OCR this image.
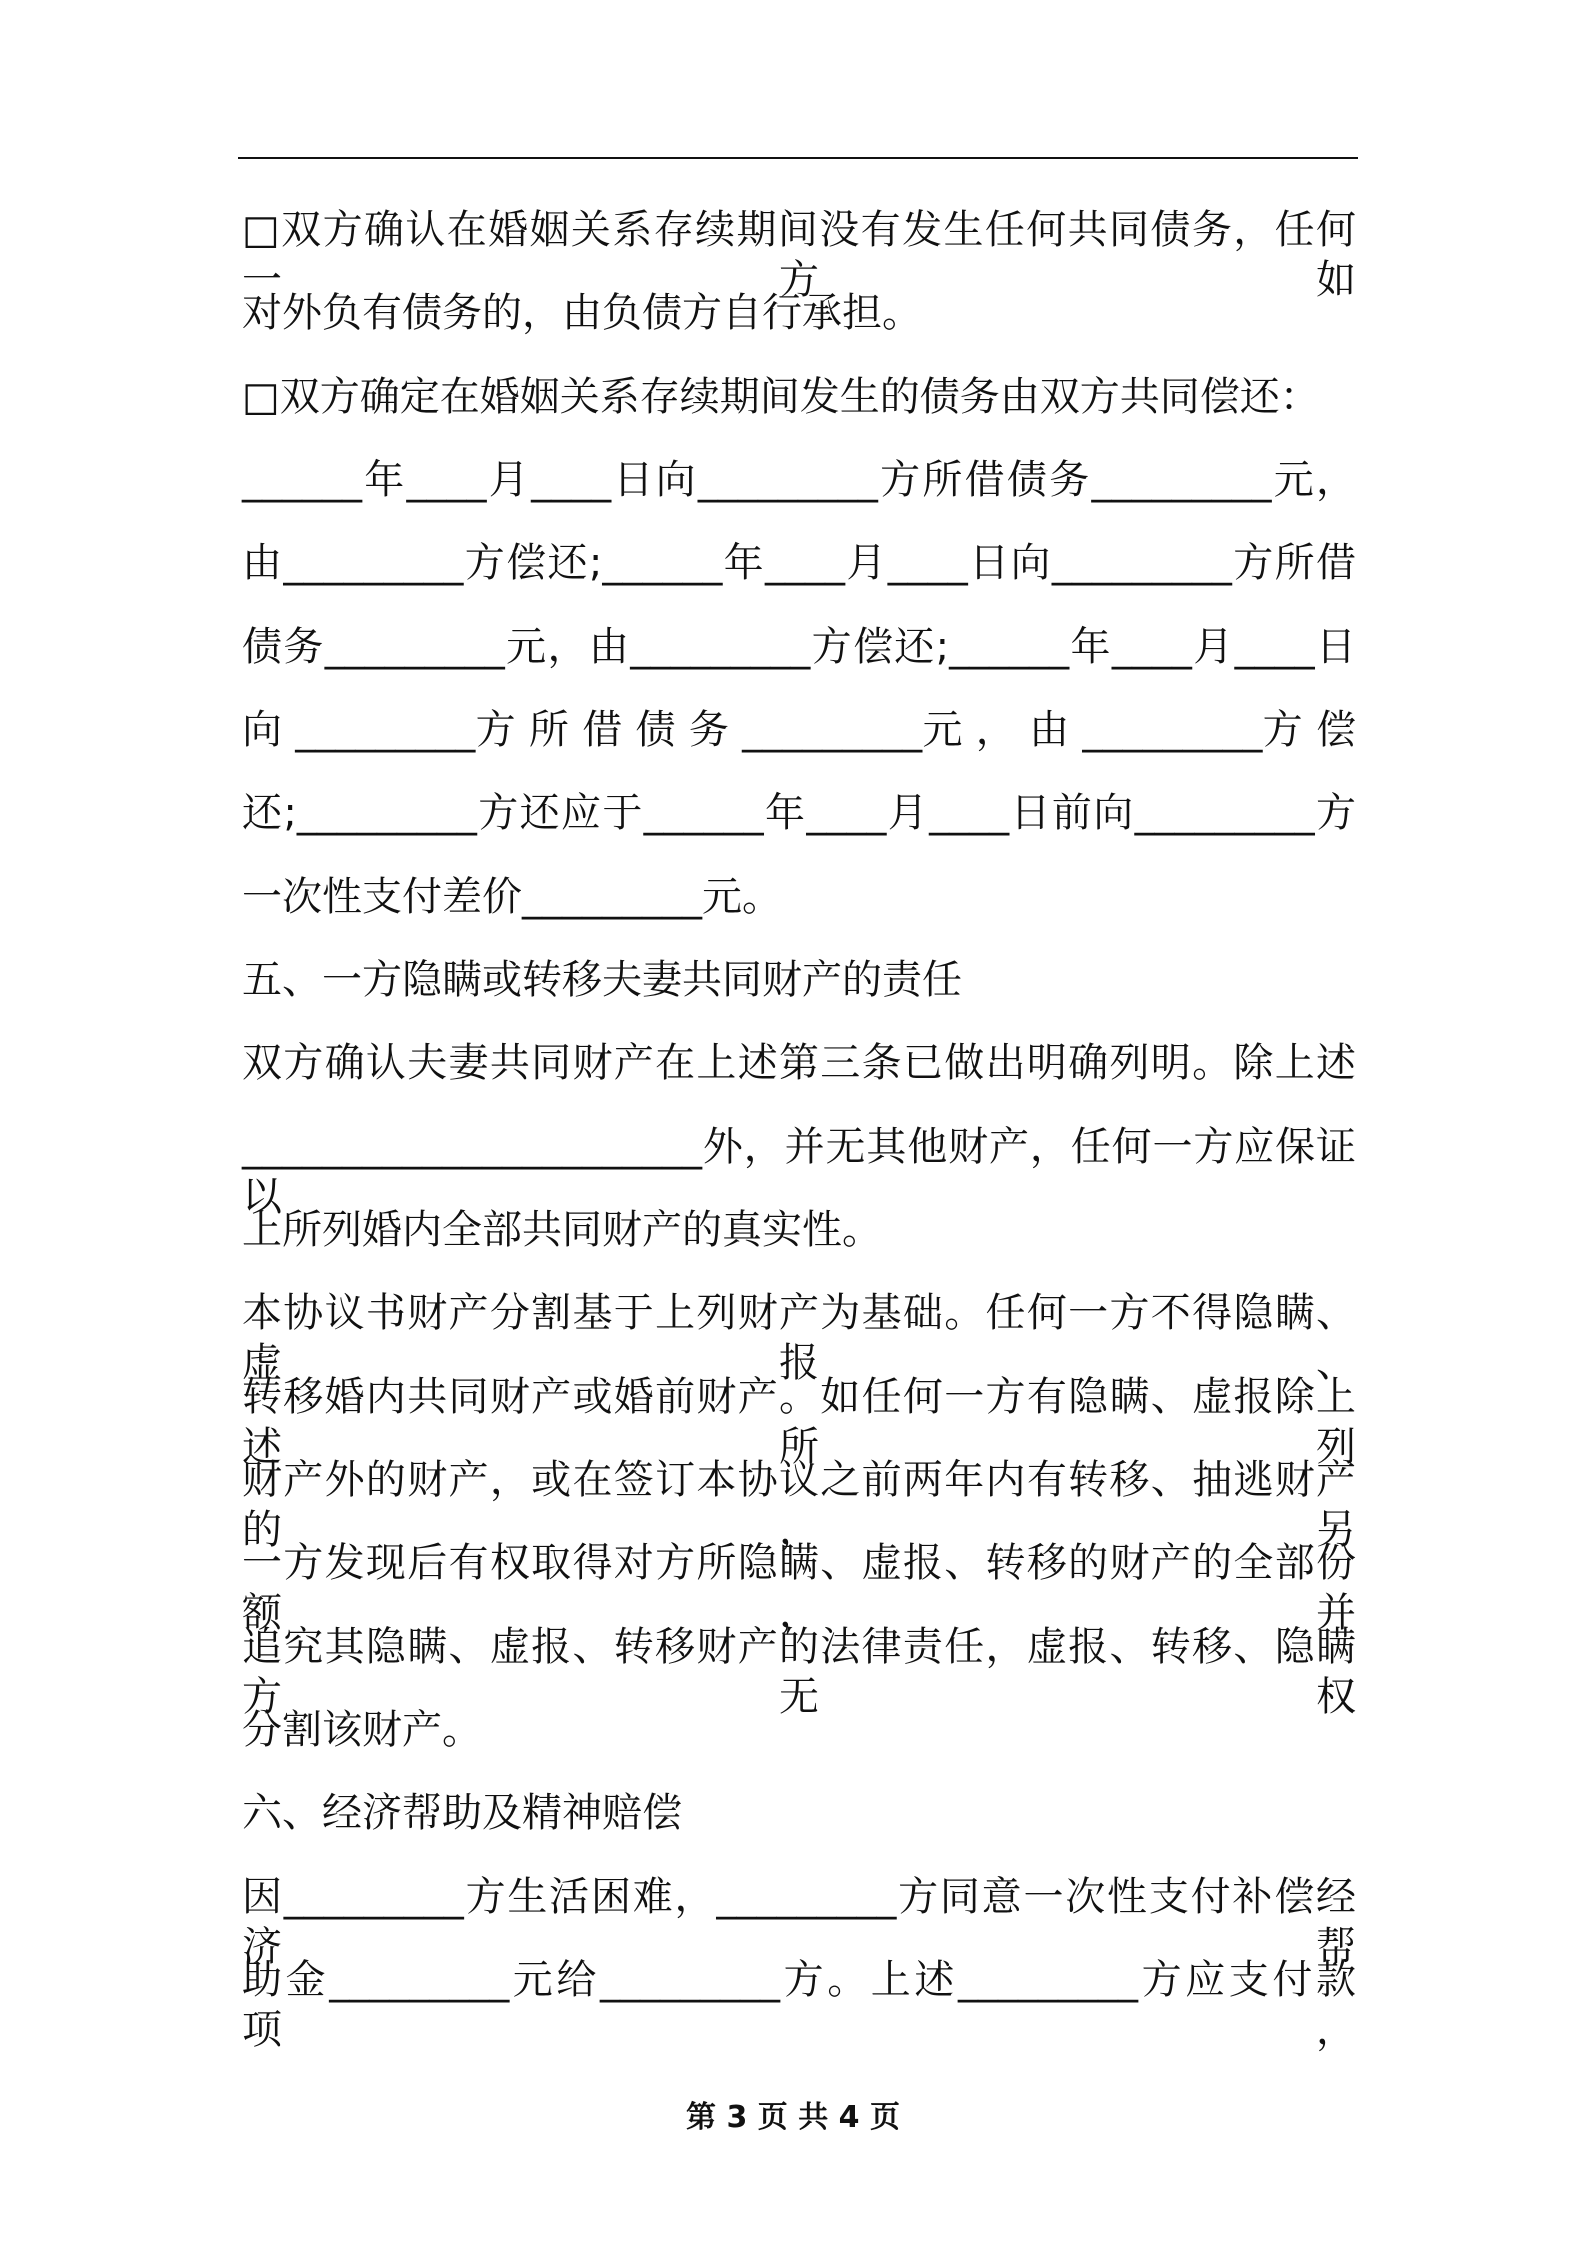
□双方确认在婚姻关系存续期间没有发生任何共同债务，任何一方如
对外负有债务的，由负债方自行承担。
□双方确定在婚姻关系存续期间发生的债务由双方共同偿还：
______年____月____日向_________方所借债务_________元，
由_________方偿还;______年____月____日向_________方所借
债务_________元，由_________方偿还;______年____月____日
向 _________方 所 借 债 务 _________元 ， 由 _________方 偿
还;_________方还应于______年____月____日前向_________方
一次性支付差价_________元。
五、一方隐瞒或转移夫妻共同财产的责任
双方确认夫妻共同财产在上述第三条已做出明确列明。除上述
_______________________外，并无其他财产，任何一方应保证以
上所列婚内全部共同财产的真实性。
本协议书财产分割基于上列财产为基础。任何一方不得隐瞒、虚报、
转移婚内共同财产或婚前财产。如任何一方有隐瞒、虚报除上述所列
财产外的财产，或在签订本协议之前两年内有转移、抽逃财产的，另
一方发现后有权取得对方所隐瞒、虚报、转移的财产的全部份额，并
追究其隐瞒、虚报、转移财产的法律责任，虚报、转移、隐瞒方无权
分割该财产。
六、经济帮助及精神赔偿
因_________方生活困难，_________方同意一次性支付补偿经济帮
助金_________元给_________方。上述_________方应支付款项，
第 3 页 共 4 页
